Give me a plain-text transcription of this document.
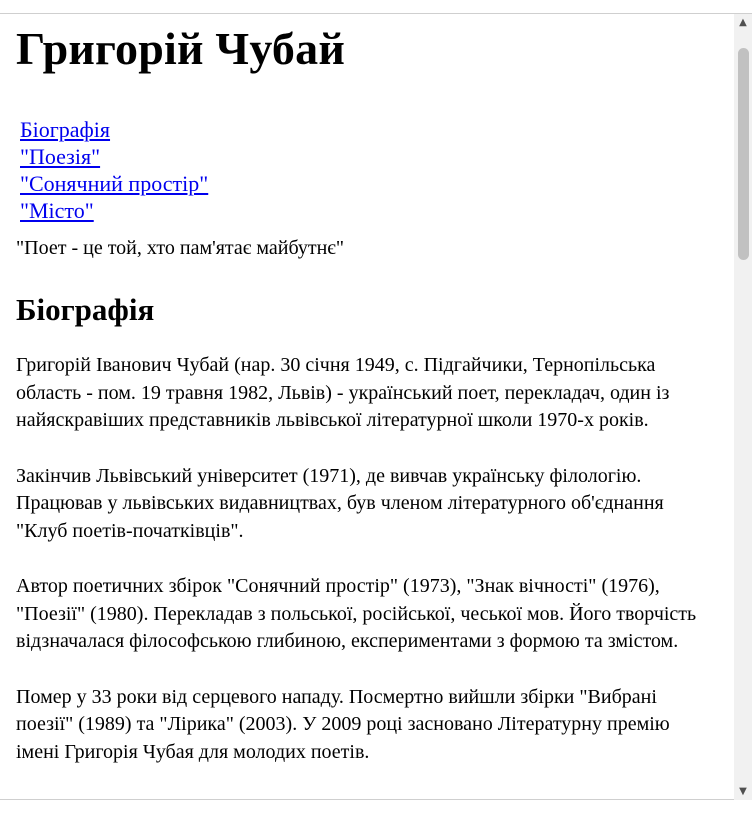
Григорій Чубай
Біографія
"Поезія"
"Сонячний простір"
"Місто"

"Поет - це той, хто пам'ятає майбутнє"

Біографія

Григорій Іванович Чубай (нар. 30 січня 1949, с. Підгайчики, Тернопільська область - пом. 19 травня 1982, Львів) - український поет, перекладач, один із найяскравіших представників львівської літературної школи 1970-х років.

Закінчив Львівський університет (1971), де вивчав українську філологію. Працював у львівських видавництвах, був членом літературного об'єднання "Клуб поетів-початківців".

Автор поетичних збірок "Сонячний простір" (1973), "Знак вічності" (1976), "Поезії" (1980). Перекладав з польської, російської, чеської мов. Його творчість відзначалася філософською глибиною, експериментами з формою та змістом.

Помер у 33 роки від серцевого нападу. Посмертно вийшли збірки "Вибрані поезії" (1989) та "Лірика" (2003). У 2009 році засновано Літературну премію імені Григорія Чубая для молодих поетів.

▲
▼
